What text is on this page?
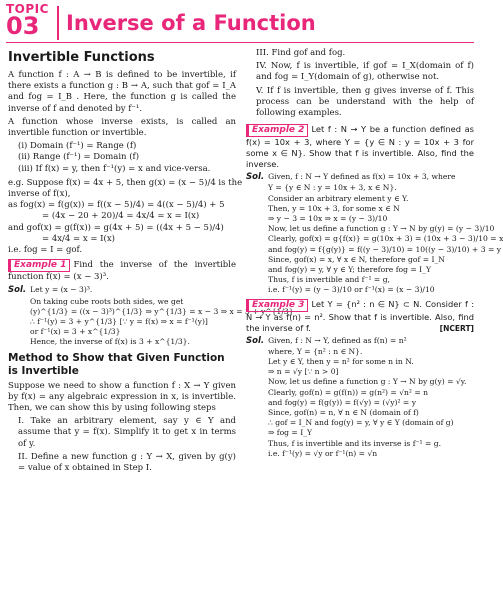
TOPIC
03 Inverse of a Function
Invertible Functions

A function f : A → B is defined to be invertible, if there exists a function g : B → A, such that gof = I_A and fog = I_B . Here, the function g is called the inverse of f and denoted by f⁻¹.

A function whose inverse exists, is called an invertible function or invertible.

(i) Domain (f⁻¹) = Range (f)
(ii) Range (f⁻¹) = Domain (f)
(iii) If f(x) = y, then f⁻¹(y) = x and vice-versa.
e.g. Suppose f(x) = 4x + 5, then g(x) = (x − 5)/4 is the
inverse of f(x),
as fog(x) = f(g(x)) = f((x − 5)/4) = 4((x − 5)/4) + 5
= (4x − 20 + 20)/4 = 4x/4 = x = I(x)
and gof(x) = g(f(x)) = g(4x + 5) = ((4x + 5 − 5)/4)
= 4x/4 = x = I(x)
i.e. fog = I = gof.

Example 1 Find the inverse of the invertible function f(x) = (x − 3)³.

Sol. Let y = (x − 3)³.
On taking cube roots both sides, we get
(y)^{1/3} = ((x − 3)³)^{1/3} ⇒ y^{1/3} = x − 3 ⇒ x = 3 + y^{1/3}
∴ f⁻¹(y) = 3 + y^{1/3} [∵ y = f(x) ⇒ x = f⁻¹(y)]
or f⁻¹(x) = 3 + x^{1/3}
Hence, the inverse of f(x) is 3 + x^{1/3}.
Method to Show that Given Function is Invertible

Suppose we need to show a function f : X → Y given by f(x) = any algebraic expression in x, is invertible. Then, we can show this by using following steps

I. Take an arbitrary element, say y ∈ Y and assume that y = f(x). Simplify it to get x in terms of y.

II. Define a new function g : Y → X, given by g(y) = value of x obtained in Step I.

III. Find gof and fog.

IV. Now, f is invertible, if gof = I_X(domain of f) and fog = I_Y(domain of g), otherwise not.

V. If f is invertible, then g gives inverse of f. This process can be understand with the help of following examples.

Example 2 Let f : N → Y be a function defined as f(x) = 10x + 3, where Y = {y ∈ N : y = 10x + 3 for some x ∈ N}. Show that f is invertible. Also, find the inverse.

Sol. Given, f : N → Y defined as f(x) = 10x + 3, where
Y = {y ∈ N : y = 10x + 3, x ∈ N}.
Consider an arbitrary element y ∈ Y.
Then, y = 10x + 3, for some x ∈ N
⇒ y − 3 = 10x ⇒ x = (y − 3)/10
Now, let us define a function g : Y → N by g(y) = (y − 3)/10
Clearly, gof(x) = g{f(x)} = g(10x + 3) = (10x + 3 − 3)/10 = x
and fog(y) = f{g(y)} = f((y − 3)/10) = 10((y − 3)/10) + 3 = y
Since, gof(x) = x, ∀ x ∈ N, therefore gof = I_N
and fog(y) = y, ∀ y ∈ Y; therefore fog = I_Y
Thus, f is invertible and f⁻¹ = g,
i.e. f⁻¹(y) = (y − 3)/10 or f⁻¹(x) = (x − 3)/10

Example 3 Let Y = {n² : n ∈ N} ⊂ N. Consider f : N → Y as f(n) = n². Show that f is invertible. Also, find the inverse of f.	[NCERT]

Sol. Given, f : N → Y, defined as f(n) = n²
where, Y = {n² : n ∈ N}.
Let y ∈ Y, then y = n² for some n in N.
⇒ n = √y [∵ n > 0]
Now, let us define a function g : Y → N by g(y) = √y.
Clearly, gof(n) = g(f(n)) = g(n²) = √n² = n
and fog(y) = f(g(y)) = f(√y) = (√y)² = y
Since, gof(n) = n, ∀ n ∈ N (domain of f)
∴ gof = I_N and fog(y) = y, ∀ y ∈ Y (domain of g)
⇒ fog = I_Y
Thus, f is invertible and its inverse is f⁻¹ = g.
i.e. f⁻¹(y) = √y or f⁻¹(n) = √n
